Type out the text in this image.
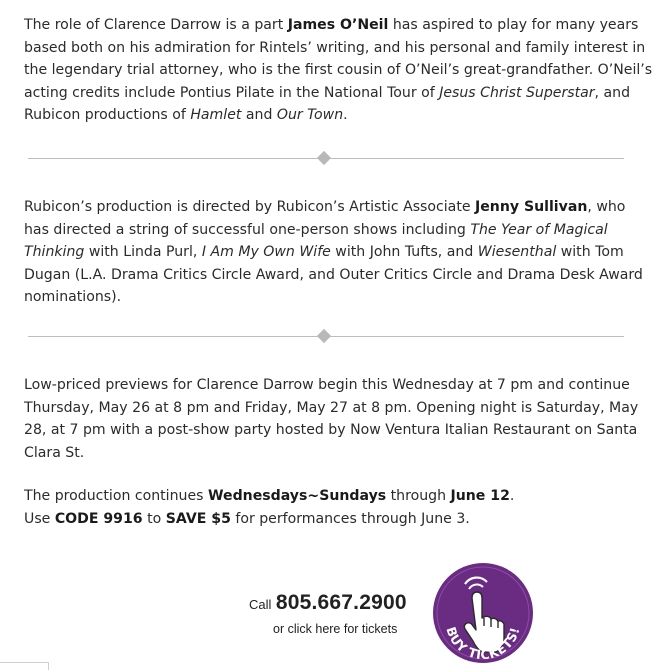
The role of Clarence Darrow is a part James O’Neil has aspired to play for many years based both on his admiration for Rintels’ writing, and his personal and family interest in the legendary trial attorney, who is the first cousin of O’Neil’s great-grandfather. O’Neil’s acting credits include Pontius Pilate in the National Tour of Jesus Christ Superstar, and Rubicon productions of Hamlet and Our Town.

Rubicon’s production is directed by Rubicon’s Artistic Associate Jenny Sullivan, who has directed a string of successful one-person shows including The Year of Magical Thinking with Linda Purl, I Am My Own Wife with John Tufts, and Wiesenthal with Tom Dugan (L.A. Drama Critics Circle Award, and Outer Critics Circle and Drama Desk Award nominations).

Low-priced previews for Clarence Darrow begin this Wednesday at 7 pm and continue Thursday, May 26 at 8 pm and Friday, May 27 at 8 pm. Opening night is Saturday, May 28, at 7 pm with a post-show party hosted by Now Ventura Italian Restaurant on Santa Clara St.

The production continues Wednesdays~Sundays through June 12.
Use CODE 9916 to SAVE $5 for performances through June 3.

Call 805.667.2900
or click here for tickets	BUY TICKETS!
